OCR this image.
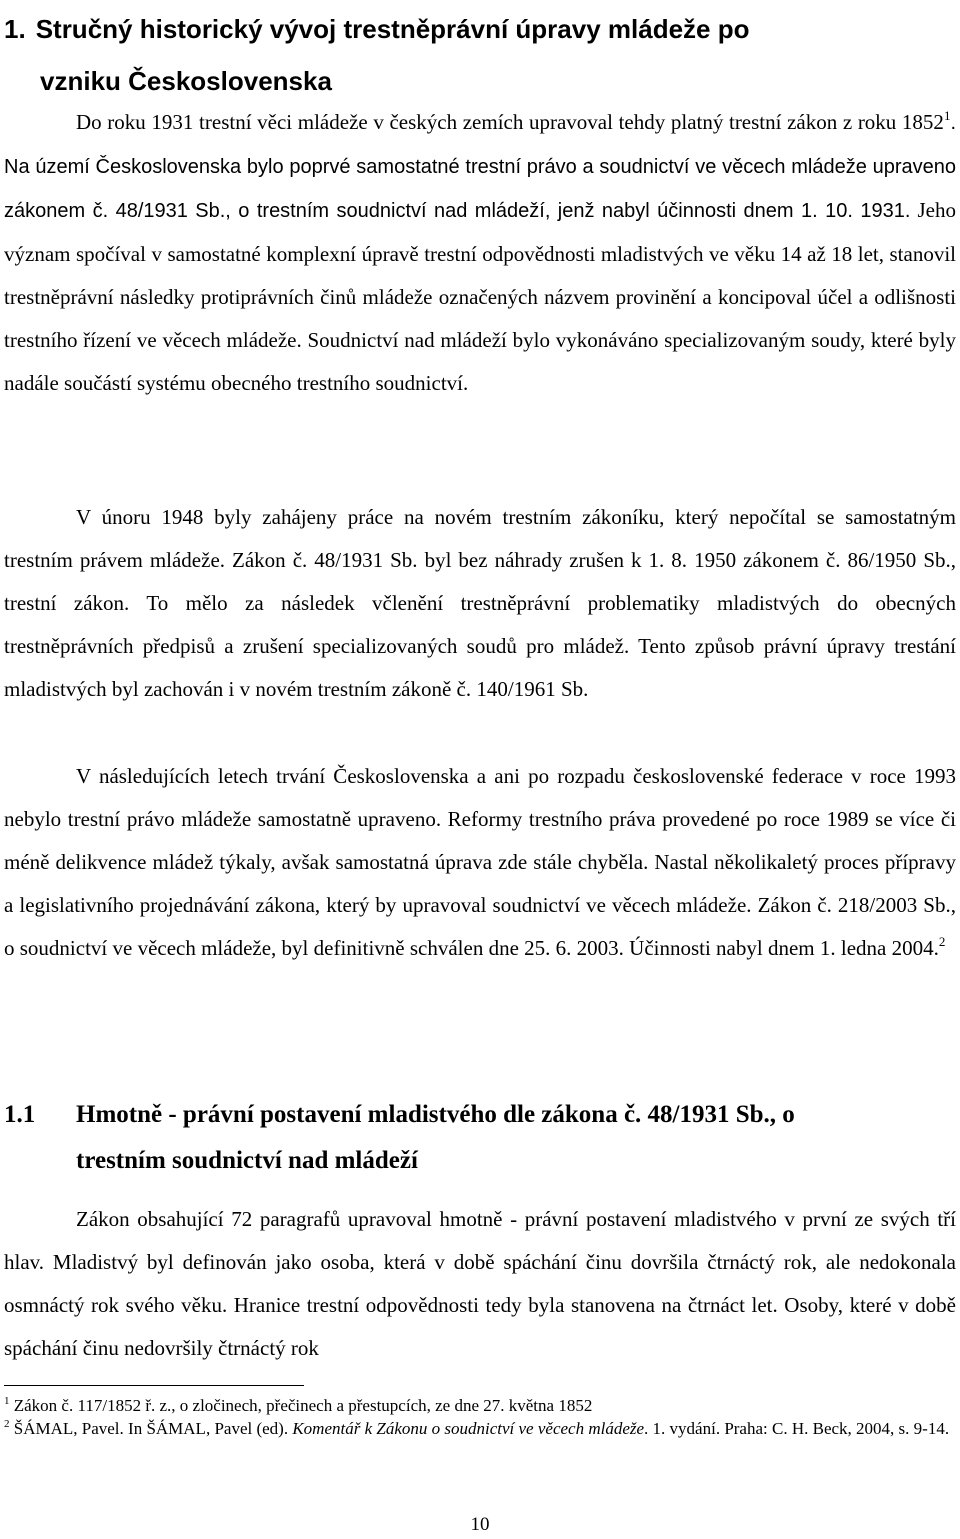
1. Stručný historický vývoj trestněprávní úpravy mládeže po
vzniku Československa

Do roku 1931 trestní věci mládeže v českých zemích upravoval tehdy platný trestní zákon z roku 1852$^1$. Na území Československa bylo poprvé samostatné trestní právo a soudnictví ve věcech mládeže upraveno zákonem č. 48/1931 Sb., o trestním soudnictví nad mládeží, jenž nabyl účinnosti dnem 1. 10. 1931. Jeho význam spočíval v samostatné komplexní úpravě trestní odpovědnosti mladistvých ve věku 14 až 18 let, stanovil trestněprávní následky protiprávních činů mládeže označených názvem provinění a koncipoval účel a odlišnosti trestního řízení ve věcech mládeže. Soudnictví nad mládeží bylo vykonáváno specializovaným soudy, které byly nadále součástí systému obecného trestního soudnictví.

V únoru 1948 byly zahájeny práce na novém trestním zákoníku, který nepočítal se samostatným trestním právem mládeže. Zákon č. 48/1931 Sb. byl bez náhrady zrušen k 1. 8. 1950 zákonem č. 86/1950 Sb., trestní zákon. To mělo za následek včlenění trestněprávní problematiky mladistvých do obecných trestněprávních předpisů a zrušení specializovaných soudů pro mládež. Tento způsob právní úpravy trestání mladistvých byl zachován i v novém trestním zákoně č. 140/1961 Sb.

V následujících letech trvání Československa a ani po rozpadu československé federace v roce 1993 nebylo trestní právo mládeže samostatně upraveno. Reformy trestního práva provedené po roce 1989 se více či méně delikvence mládež týkaly, avšak samostatná úprava zde stále chyběla. Nastal několikaletý proces přípravy a legislativního projednávání zákona, který by upravoval soudnictví ve věcech mládeže. Zákon č. 218/2003 Sb., o soudnictví ve věcech mládeže, byl definitivně schválen dne 25. 6. 2003. Účinnosti nabyl dnem 1. ledna 2004.$^2$

1.1 Hmotně - právní postavení mladistvého dle zákona č. 48/1931 Sb., o
trestním soudnictví nad mládeží

Zákon obsahující 72 paragrafů upravoval hmotně - právní postavení mladistvého v první ze svých tří hlav. Mladistvý byl definován jako osoba, která v době spáchání činu dovršila čtrnáctý rok, ale nedokonala osmnáctý rok svého věku. Hranice trestní odpovědnosti tedy byla stanovena na čtrnáct let. Osoby, které v době spáchání činu nedovršily čtrnáctý rok

$^1$ Zákon č. 117/1852 ř. z., o zločinech, přečinech a přestupcích, ze dne 27. května 1852

$^2$ ŠÁMAL, Pavel. In ŠÁMAL, Pavel (ed). Komentář k Zákonu o soudnictví ve věcech mládeže. 1. vydání. Praha: C. H. Beck, 2004, s. 9-14.

10
